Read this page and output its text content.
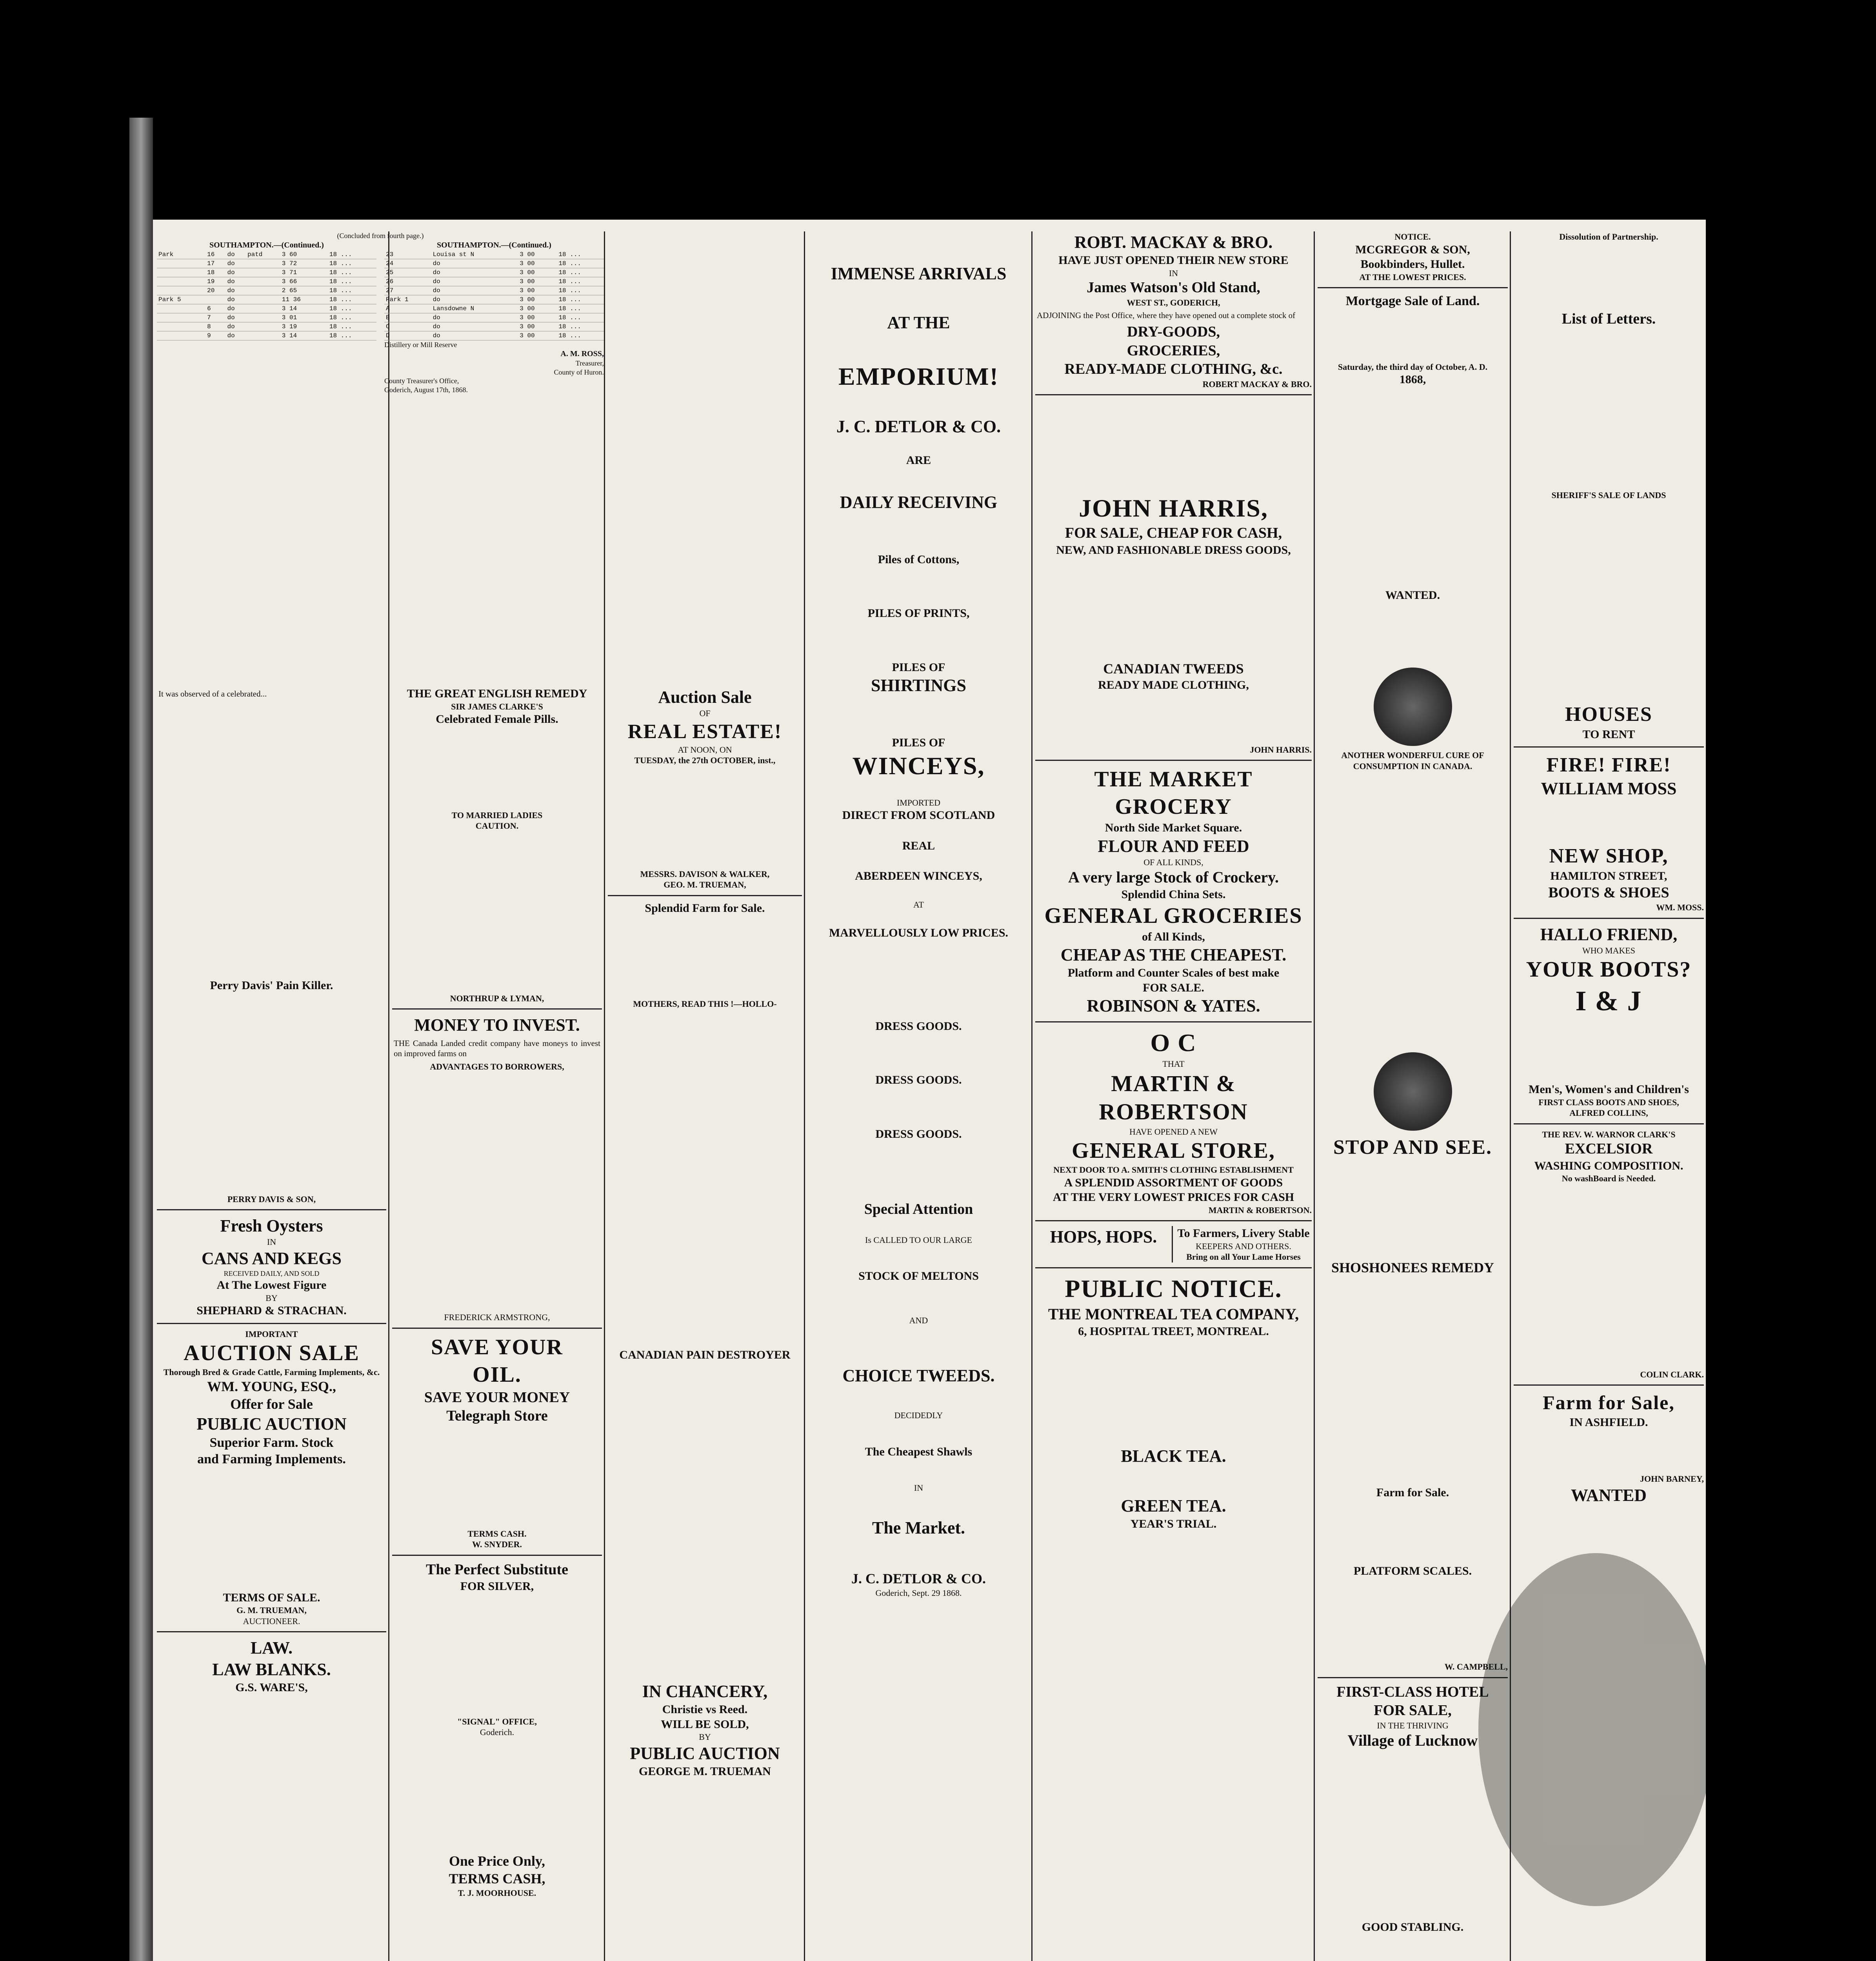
(Concluded from fourth page.)
SOUTHAMPTON.—(Continued.)
Park	16	do	patd	3 60		18 ...
	17	do		3 72		18 ...
	18	do		3 71		18 ...
	19	do		3 66		18 ...
	20	do		2 65		18 ...
Park 5		do		11 36		18 ...
	6	do		3 14		18 ...
	7	do		3 01		18 ...
	8	do		3 19		18 ...
	9	do		3 14		18 ...
SOUTHAMPTON.—(Continued.)
23	Louisa st N		3 00		18 ...
24	do		3 00		18 ...
25	do		3 00		18 ...
26	do		3 00		18 ...
27	do		3 00		18 ...
Park 1	do		3 00		18 ...
A	Lansdowne N		3 00		18 ...
B	do		3 00		18 ...
C	do		3 00		18 ...
D	do		3 00		18 ...
Distillery or Mill Reserve
A. M. ROSS,
Treasurer,
County of Huron.
County Treasurer's Office,
Goderich, August 17th, 1868.

It was observed of a celebrated...

Perry Davis' Pain Killer.

PERRY DAVIS & SON,
Fresh Oysters
IN
CANS AND KEGS
RECEIVED DAILY, AND SOLD
At The Lowest Figure
BY
SHEPHARD & STRACHAN.
IMPORTANT
AUCTION SALE
Thorough Bred & Grade Cattle, Farming Implements, &c.
WM. YOUNG, ESQ.,
Offer for Sale
PUBLIC AUCTION
Superior Farm. Stock
and Farming Implements.

TERMS OF SALE.
G. M. TRUEMAN,
AUCTIONEER.
LAW.
LAW BLANKS.
G.S. WARE'S,
THE GREAT ENGLISH REMEDY
SIR JAMES CLARKE'S
Celebrated Female Pills.

TO MARRIED LADIES
CAUTION.

NORTHRUP & LYMAN,
MONEY TO INVEST.

THE Canada Landed credit company have moneys to invest on improved farms on

ADVANTAGES TO BORROWERS,

FREDERICK ARMSTRONG,
SAVE YOUR
OIL.
SAVE YOUR MONEY
Telegraph Store

TERMS CASH.
W. SNYDER.
The Perfect Substitute
FOR SILVER,

"SIGNAL" OFFICE,
Goderich.

One Price Only,
TERMS CASH,
T. J. MOORHOUSE.
Auction Sale
OF
REAL ESTATE!
AT NOON, ON
TUESDAY, the 27th OCTOBER, inst.,

MESSRS. DAVISON & WALKER,
GEO. M. TRUEMAN,
Splendid Farm for Sale.

MOTHERS, READ THIS !—HOLLO-

CANADIAN PAIN DESTROYER

IN CHANCERY,
Christie vs Reed.
WILL BE SOLD,
BY
PUBLIC AUCTION
GEORGE M. TRUEMAN
IMMENSE ARRIVALS
AT THE
EMPORIUM!
J. C. DETLOR & CO.
ARE
DAILY RECEIVING
Piles of Cottons,
PILES OF PRINTS,
PILES OF
SHIRTINGS
PILES OF
WINCEYS,
IMPORTED
DIRECT FROM SCOTLAND
REAL
ABERDEEN WINCEYS,
AT
MARVELLOUSLY LOW PRICES.
DRESS GOODS.
DRESS GOODS.
DRESS GOODS.
Special Attention
Is CALLED TO OUR LARGE
STOCK OF MELTONS
AND
CHOICE TWEEDS.
DECIDEDLY
The Cheapest Shawls
IN
The Market.
J. C. DETLOR & CO.
Goderich, Sept. 29 1868.
ROBT. MACKAY & BRO.
HAVE JUST OPENED THEIR NEW STORE
IN
James Watson's Old Stand,
WEST ST., GODERICH,

ADJOINING the Post Office, where they have opened out a complete stock of

DRY-GOODS,
GROCERIES,
READY-MADE CLOTHING, &c.
ROBERT MACKAY & BRO.

JOHN HARRIS,
FOR SALE, CHEAP FOR CASH,
NEW, AND FASHIONABLE DRESS GOODS,

CANADIAN TWEEDS
READY MADE CLOTHING,

JOHN HARRIS.
THE MARKET GROCERY
North Side Market Square.
FLOUR AND FEED
OF ALL KINDS,
A very large Stock of Crockery.
Splendid China Sets.
GENERAL GROCERIES
of All Kinds,
CHEAP AS THE CHEAPEST.
Platform and Counter Scales of best make
FOR SALE.
ROBINSON & YATES.
O C
THAT
MARTIN & ROBERTSON
HAVE OPENED A NEW
GENERAL STORE,
NEXT DOOR TO A. SMITH'S CLOTHING ESTABLISHMENT
A SPLENDID ASSORTMENT OF GOODS
AT THE VERY LOWEST PRICES FOR CASH
MARTIN & ROBERTSON.
HOPS, HOPS.	To Farmers, Livery Stable
KEEPERS AND OTHERS.
Bring on all Your Lame Horses
PUBLIC NOTICE.
THE MONTREAL TEA COMPANY,
6, HOSPITAL TREET, MONTREAL.

BLACK TEA.

GREEN TEA.
YEAR'S TRIAL.
NOTICE.
MCGREGOR & SON,
Bookbinders, Hullet.
AT THE LOWEST PRICES.
Mortgage Sale of Land.

Saturday, the third day of October, A. D.
1868,

WANTED.

ANOTHER WONDERFUL CURE OF CONSUMPTION IN CANADA.

STOP AND SEE.

SHOSHONEES REMEDY

Farm for Sale.

PLATFORM SCALES.

W. CAMPBELL,
FIRST-CLASS HOTEL
FOR SALE,
IN THE THRIVING
Village of Lucknow

GOOD STABLING.
Dissolution of Partnership.

List of Letters.

SHERIFF'S SALE OF LANDS

HOUSES
TO RENT
FIRE! FIRE!
WILLIAM MOSS

NEW SHOP,
HAMILTON STREET,
BOOTS & SHOES
WM. MOSS.
HALLO FRIEND,
WHO MAKES
YOUR BOOTS?
I & J

Men's, Women's and Children's
FIRST CLASS BOOTS AND SHOES,
ALFRED COLLINS,
THE REV. W. WARNOR CLARK'S
EXCELSIOR
WASHING COMPOSITION.
No washBoard is Needed.

COLIN CLARK.
Farm for Sale,
IN ASHFIELD.

JOHN BARNEY,
WANTED
